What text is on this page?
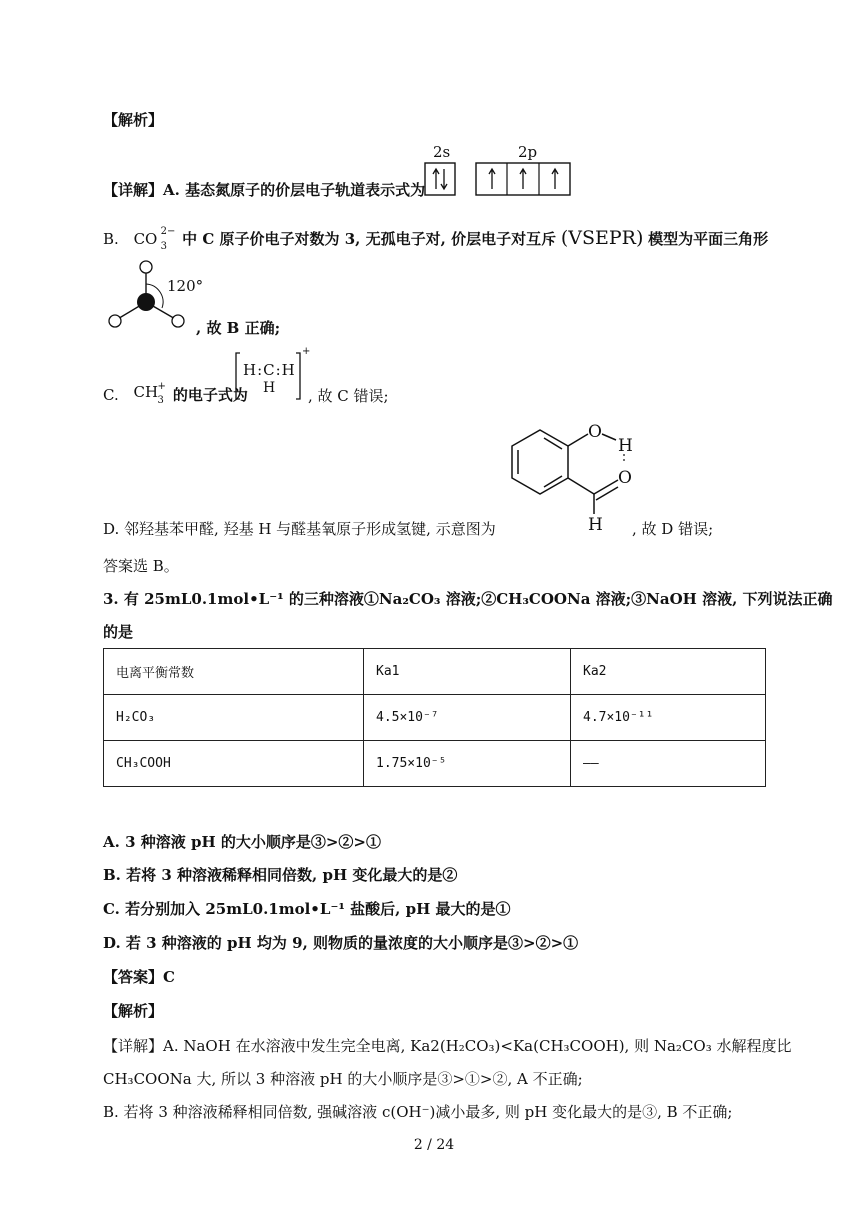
【解析】
2s	2p
【详解】A. 基态氮原子的价层电子轨道表示式为
B. CO 2−
3 中 C 原子价电子对数为 3, 无孤电子对, 价层电子对互斥 (VSEPR) 模型为平面三角形
120°
, 故 B 正确;
C. CH +
3 的电子式为
H:C:H
H
+
, 故 C 错误;
O
H
O
H
D. 邻羟基苯甲醛, 羟基 H 与醛基氧原子形成氢键, 示意图为	, 故 D 错误;
答案选 B。
3. 有 25mL0.1mol•L⁻¹ 的三种溶液①Na₂CO₃ 溶液;②CH₃COONa 溶液;③NaOH 溶液, 下列说法正确
的是
电离平衡常数	Ka1	Ka2
H₂CO₃	4.5×10⁻⁷	4.7×10⁻¹¹
CH₃COOH	1.75×10⁻⁵	——
A. 3 种溶液 pH 的大小顺序是③>②>①
B. 若将 3 种溶液稀释相同倍数, pH 变化最大的是②
C. 若分别加入 25mL0.1mol•L⁻¹ 盐酸后, pH 最大的是①
D. 若 3 种溶液的 pH 均为 9, 则物质的量浓度的大小顺序是③>②>①
【答案】C
【解析】
【详解】A. NaOH 在水溶液中发生完全电离, Ka2(H₂CO₃)<Ka(CH₃COOH), 则 Na₂CO₃ 水解程度比
CH₃COONa 大, 所以 3 种溶液 pH 的大小顺序是③>①>②, A 不正确;
B. 若将 3 种溶液稀释相同倍数, 强碱溶液 c(OH⁻)减小最多, 则 pH 变化最大的是③, B 不正确;
2 / 24
